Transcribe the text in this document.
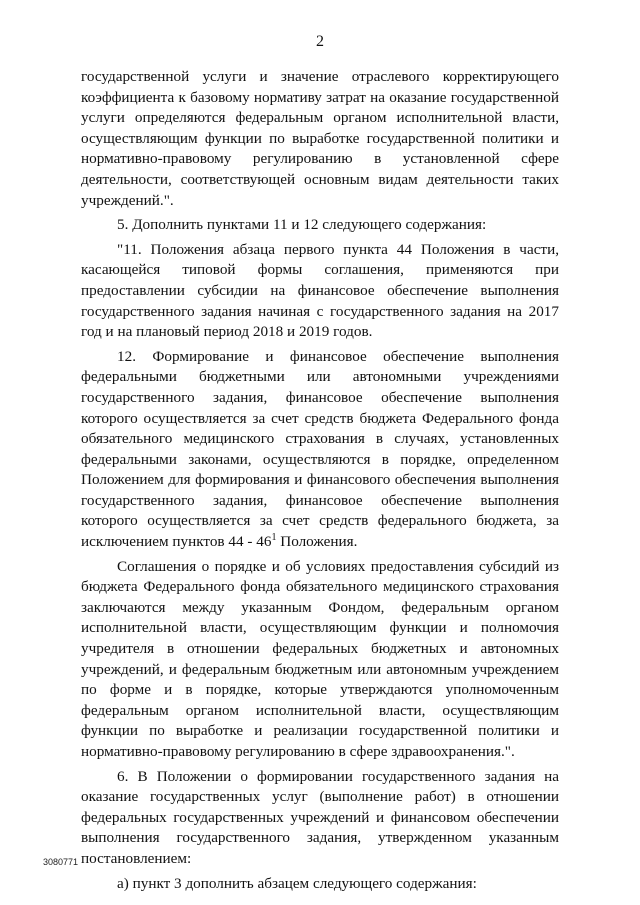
2

государственной услуги и значение отраслевого корректирующего коэффициента к базовому нормативу затрат на оказание государственной услуги определяются федеральным органом исполнительной власти, осуществляющим функции по выработке государственной политики и нормативно-правовому регулированию в установленной сфере деятельности, соответствующей основным видам деятельности таких учреждений.".

5. Дополнить пунктами 11 и 12 следующего содержания:

"11. Положения абзаца первого пункта 44 Положения в части, касающейся типовой формы соглашения, применяются при предоставлении субсидии на финансовое обеспечение выполнения государственного задания начиная с государственного задания на 2017 год и на плановый период 2018 и 2019 годов.

12. Формирование и финансовое обеспечение выполнения федеральными бюджетными или автономными учреждениями государственного задания, финансовое обеспечение выполнения которого осуществляется за счет средств бюджета Федерального фонда обязательного медицинского страхования в случаях, установленных федеральными законами, осуществляются в порядке, определенном Положением для формирования и финансового обеспечения выполнения государственного задания, финансовое обеспечение выполнения которого осуществляется за счет средств федерального бюджета, за исключением пунктов $44 - 46^1$ Положения.

Соглашения о порядке и об условиях предоставления субсидий из бюджета Федерального фонда обязательного медицинского страхования заключаются между указанным Фондом, федеральным органом исполнительной власти, осуществляющим функции и полномочия учредителя в отношении федеральных бюджетных и автономных учреждений, и федеральным бюджетным или автономным учреждением по форме и в порядке, которые утверждаются уполномоченным федеральным органом исполнительной власти, осуществляющим функции по выработке и реализации государственной политики и нормативно-правовому регулированию в сфере здравоохранения.".

6. В Положении о формировании государственного задания на оказание государственных услуг (выполнение работ) в отношении федеральных государственных учреждений и финансовом обеспечении выполнения государственного задания, утвержденном указанным постановлением:

а) пункт 3 дополнить абзацем следующего содержания:

3080771
